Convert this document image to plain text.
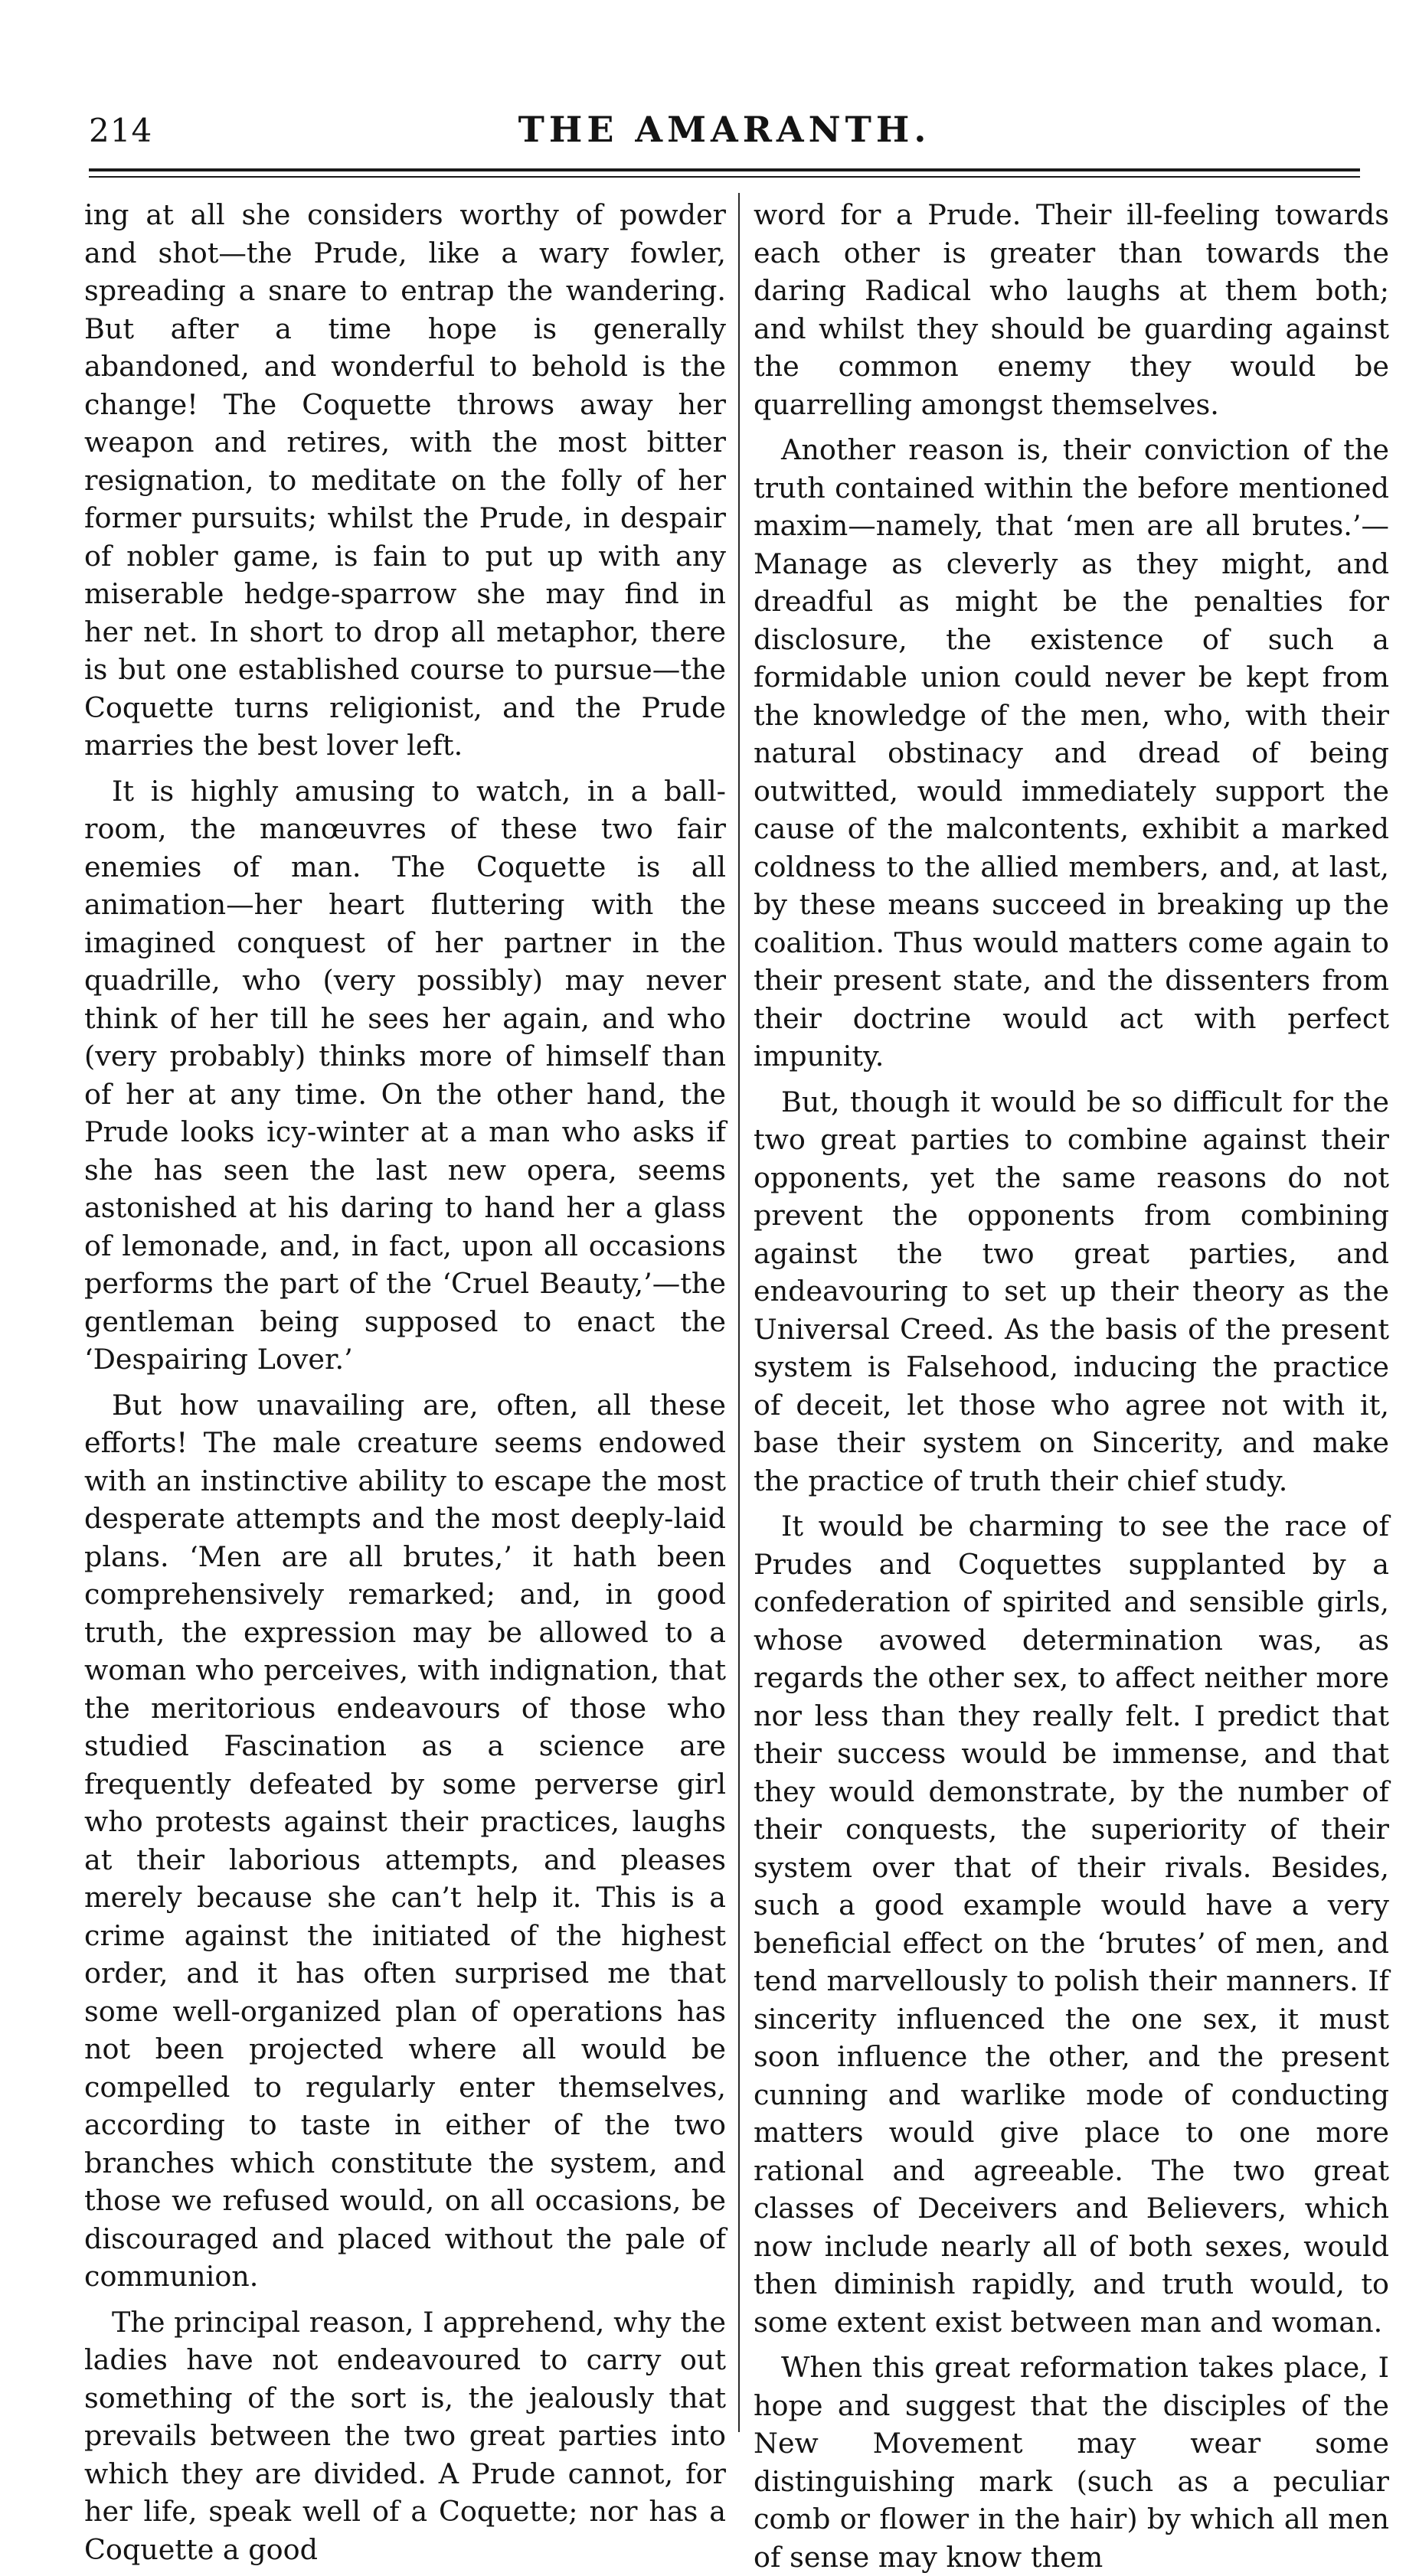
214	THE AMARANTH.

ing at all she considers worthy of powder and shot—the Prude, like a wary fowler, spreading a snare to entrap the wandering. But after a time hope is generally abandoned, and wonderful to behold is the change! The Coquette throws away her weapon and retires, with the most bitter resignation, to meditate on the folly of her former pursuits; whilst the Prude, in despair of nobler game, is fain to put up with any miserable hedge-sparrow she may find in her net. In short to drop all metaphor, there is but one established course to pursue—the Coquette turns religionist, and the Prude marries the best lover left.

It is highly amusing to watch, in a ball-room, the manœuvres of these two fair enemies of man. The Coquette is all animation—her heart fluttering with the imagined conquest of her partner in the quadrille, who (very possibly) may never think of her till he sees her again, and who (very probably) thinks more of himself than of her at any time. On the other hand, the Prude looks icy-winter at a man who asks if she has seen the last new opera, seems astonished at his daring to hand her a glass of lemonade, and, in fact, upon all occasions performs the part of the ‘Cruel Beauty,’—the gentleman being supposed to enact the ‘Despairing Lover.’

But how unavailing are, often, all these efforts! The male creature seems endowed with an instinctive ability to escape the most desperate attempts and the most deeply-laid plans. ‘Men are all brutes,’ it hath been comprehensively remarked; and, in good truth, the expression may be allowed to a woman who perceives, with indignation, that the meritorious endeavours of those who studied Fascination as a science are frequently defeated by some perverse girl who protests against their practices, laughs at their laborious attempts, and pleases merely because she can’t help it. This is a crime against the initiated of the highest order, and it has often surprised me that some well-organized plan of operations has not been projected where all would be compelled to regularly enter themselves, according to taste in either of the two branches which constitute the system, and those we refused would, on all occasions, be discouraged and placed without the pale of communion.

The principal reason, I apprehend, why the ladies have not endeavoured to carry out something of the sort is, the jealously that prevails between the two great parties into which they are divided. A Prude cannot, for her life, speak well of a Coquette; nor has a Coquette a good

word for a Prude. Their ill-feeling towards each other is greater than towards the daring Radical who laughs at them both; and whilst they should be guarding against the common enemy they would be quarrelling amongst themselves.

Another reason is, their conviction of the truth contained within the before mentioned maxim—namely, that ‘men are all brutes.’—Manage as cleverly as they might, and dreadful as might be the penalties for disclosure, the existence of such a formidable union could never be kept from the knowledge of the men, who, with their natural obstinacy and dread of being outwitted, would immediately support the cause of the malcontents, exhibit a marked coldness to the allied members, and, at last, by these means succeed in breaking up the coalition. Thus would matters come again to their present state, and the dissenters from their doctrine would act with perfect impunity.

But, though it would be so difficult for the two great parties to combine against their opponents, yet the same reasons do not prevent the opponents from combining against the two great parties, and endeavouring to set up their theory as the Universal Creed. As the basis of the present system is Falsehood, inducing the practice of deceit, let those who agree not with it, base their system on Sincerity, and make the practice of truth their chief study.

It would be charming to see the race of Prudes and Coquettes supplanted by a confederation of spirited and sensible girls, whose avowed determination was, as regards the other sex, to affect neither more nor less than they really felt. I predict that their success would be immense, and that they would demonstrate, by the number of their conquests, the superiority of their system over that of their rivals. Besides, such a good example would have a very beneficial effect on the ‘brutes’ of men, and tend marvellously to polish their manners. If sincerity influenced the one sex, it must soon influence the other, and the present cunning and warlike mode of conducting matters would give place to one more rational and agreeable. The two great classes of Deceivers and Believers, which now include nearly all of both sexes, would then diminish rapidly, and truth would, to some extent exist between man and woman.

When this great reformation takes place, I hope and suggest that the disciples of the New Movement may wear some distinguishing mark (such as a peculiar comb or flower in the hair) by which all men of sense may know them
